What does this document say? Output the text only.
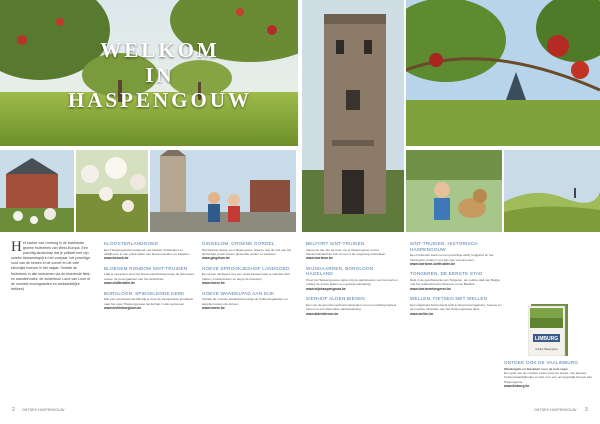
WELKOM
IN HASPENGOUW

Het zachte van Limburg is de kwetsbare groene fruitstreek van West-Europa. Een prachtig landschap dat je prikkelt met zijn unieke bloesemtapijt in het voorjaar, het prachtige rood van de kersen in de zomer en de vele kleurrijke hoeves in het najaar. Ontdek de fruitstreek in alle seizoenen via de bloeiende fiets- en wandelroutes, de zuiderbuur Land van Loon of de mooiste boomgaarden en ambachtelijke trekkerij.

KLOOSTERLANDGOED

Een Haspengouwse landgoed met kasteel, fruitweiden en abdijhoeve in een uniek kader van bloesemvelden en kapellen.

www.bezoek.be
BLOESEM RONDOM SINT-TRUIDEN

Laat je verrassen door het bloesemlandschap langs de fietsroutes tussen de boomgaarden van het landschap.

www.visittruiden.be
BORGLOON: SPIEGELENDE KERK

Met een vernieuwende blik kijk je door de transparante kunstkerk naar het open Haspengouwse landschap in alle seizoenen.

www.kerkinborgloon.be
GINGELOM, GROENE GORDEL

Het kleinste dorpje van Haspengouw, waar je nog de rust van het landschap proeft tussen glooiende velden en kastelen.

www.gingelom.be
HOEVE SPROOKJESHOF LANDGOED

Een groen landgoed met een uniek kasteel waar je wandelt door parken, kruidentuinen en langs de boerderij.

www.hoeve.be
HOEVE WANDELPAD AAN DIJK

Ontdek de mooiste wandelroute langs de fruitboomgaarden en kapellen tussen de dorpen.

www.hoeve.be
BELFORT SINT-TRUIDEN

Vanop de top van de toren zie je Haspengouw en het bloesemlandschap zich tot ver in de omgeving uitstrekken.

www.toerisme.be
WIJNGAARDEN, BORGLOON HAGELAND

Proef de Haspengouwse wijnen bij de wijnbouwers van het land en ontdek de streek tijdens een geleide wandeling.

www.wijnhaspengouw.be
SIERHOF ALDEN BIESEN

Een van de grootste landcommanderijen met een prachtig kasteel, tuinen en een bijzondere parkwandeling.

www.aldenbiesen.be
SINT-TRUIDEN, HISTORISCH HASPENGOUW

Een bruisende stad met een prachtige abdij, begijnhof en het historische centrum met zijn vele monumenten.

www.toerisme-sinttruiden.be
TONGEREN, DE EERSTE STAD

Duik in de geschiedenis van Tongeren, de oudste stad van België, met het Gallo-Romeins Museum en de Basiliek.

www.toerismetongeren.be
WELLEN, FIETSEN MET WELLEN

Een uitgebreid fietsnetwerk leidt je langs boomgaarden, hoeves en de mooiste uitzichten van het Haspengouwse land.

www.wellen.be
LIMBURG
Ontdek Haspengouw
ONTDEK OOK DE VAALIMBURG

Wandelgids en fietskaart voor de hele regio

Een gids met de mooiste routes door de streek, met kaarten, bezienswaardigheden en tips voor een onvergetelijk bezoek aan Haspengouw.

www.limburg.be
2 ONTDEK HASPENGOUW	ONTDEK HASPENGOUW 3
